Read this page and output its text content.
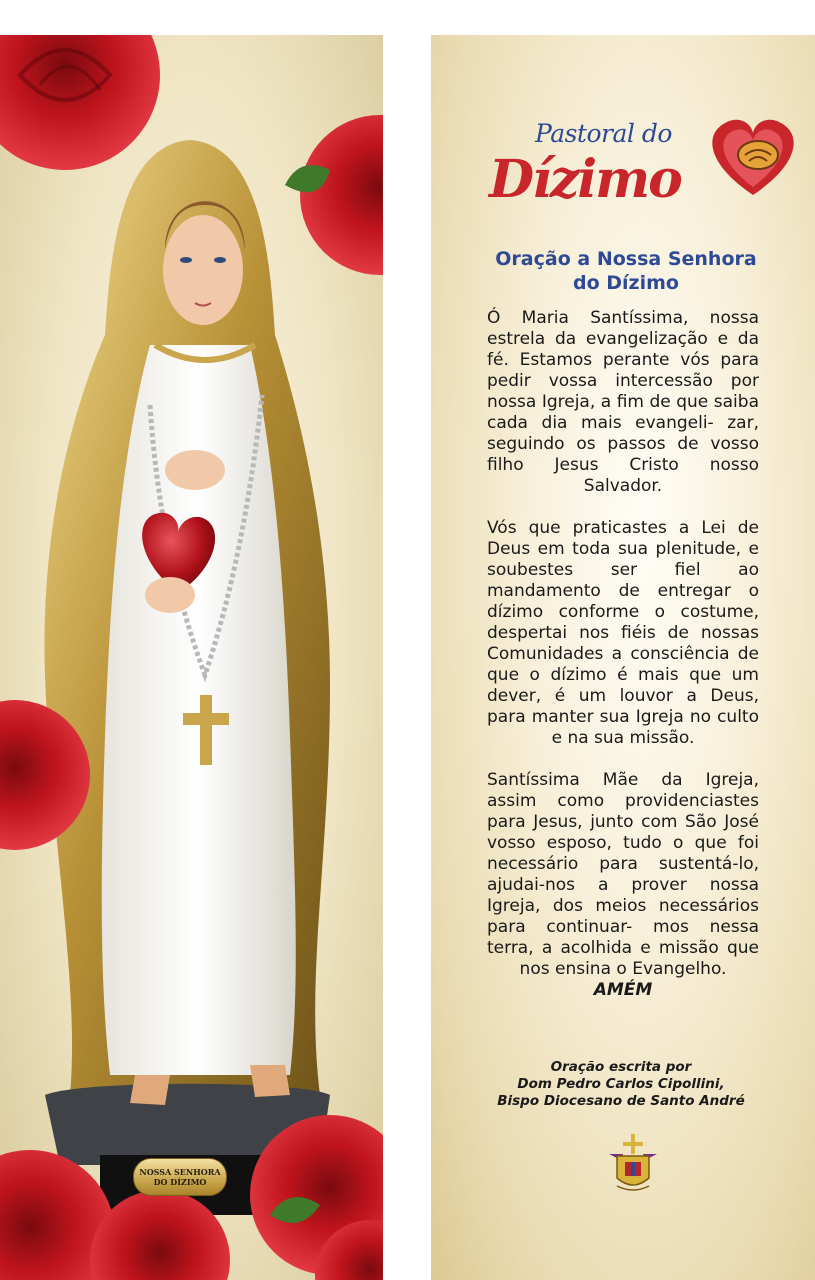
NOSSA SENHORA
DO DÍZIMO
Pastoral do
Dízimo
Oração a Nossa Senhora
do Dízimo

Ó Maria Santíssima, nossa estrela da evangelização e da fé. Estamos perante vós para pedir vossa intercessão por nossa Igreja, a fim de que saiba cada dia mais evangeli- zar, seguindo os passos de vosso filho Jesus Cristo nosso Salvador.

Vós que praticastes a Lei de Deus em toda sua plenitude, e soubestes ser fiel ao mandamento de entregar o dízimo conforme o costume, despertai nos fiéis de nossas Comunidades a consciência de que o dízimo é mais que um dever, é um louvor a Deus, para manter sua Igreja no culto e na sua missão.

Santíssima Mãe da Igreja, assim como providenciastes para Jesus, junto com São José vosso esposo, tudo o que foi necessário para sustentá-lo, ajudai-nos a prover nossa Igreja, dos meios necessários para continuar- mos nessa terra, a acolhida e missão que nos ensina o Evangelho.

AMÉM
Oração escrita por
Dom Pedro Carlos Cipollini,
Bispo Diocesano de Santo André
